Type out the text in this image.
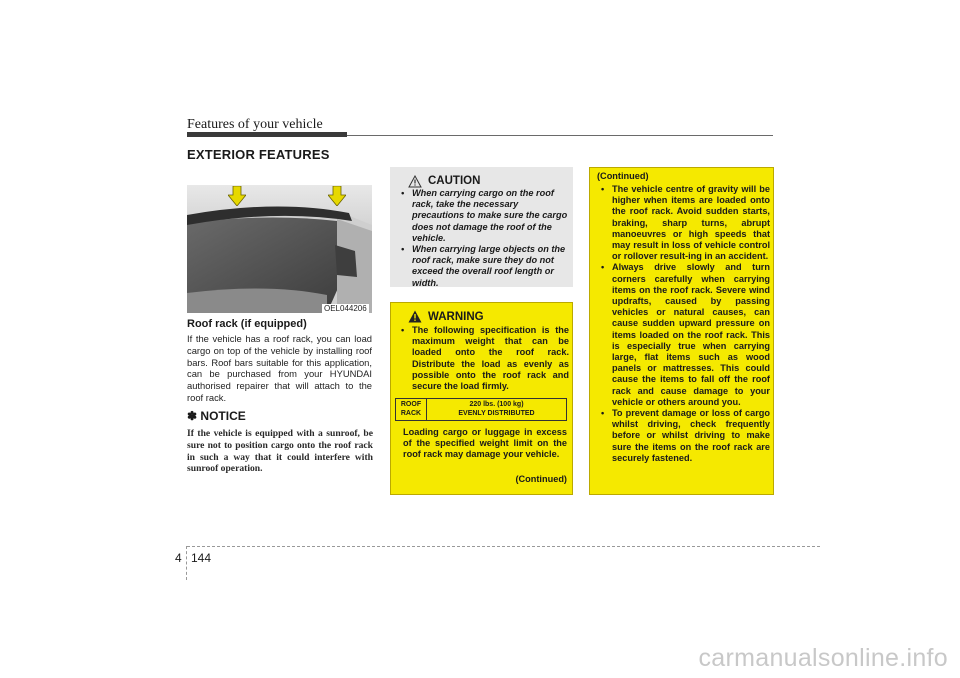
Features of your vehicle
EXTERIOR FEATURES
OEL044206
Roof rack (if equipped)
If the vehicle has a roof rack, you can load cargo on top of the vehicle by installing roof bars. Roof bars suitable for this application, can be purchased from your HYUNDAI authorised repairer that will attach to the roof rack.
✽ NOTICE
If the vehicle is equipped with a sunroof, be sure not to position cargo onto the roof rack in such a way that it could interfere with sunroof operation.
CAUTION
• When carrying cargo on the roof rack, take the necessary precautions to make sure the cargo does not damage the roof of the vehicle.
• When carrying large objects on the roof rack, make sure they do not exceed the overall roof length or width.
WARNING
• The following specification is the maximum weight that can be loaded onto the roof rack. Distribute the load as evenly as possible onto the roof rack and secure the load firmly.
ROOF RACK
220 lbs. (100 kg)
EVENLY DISTRIBUTED
Loading cargo or luggage in excess of the specified weight limit on the roof rack may damage your vehicle.
(Continued)
(Continued)
• The vehicle centre of gravity will be higher when items are loaded onto the roof rack. Avoid sudden starts, braking, sharp turns, abrupt manoeuvres or high speeds that may result in loss of vehicle control or rollover result-ing in an accident.
• Always drive slowly and turn corners carefully when carrying items on the roof rack. Severe wind updrafts, caused by passing vehicles or natural causes, can cause sudden upward pressure on items loaded on the roof rack. This is especially true when carrying large, flat items such as wood panels or mattresses. This could cause the items to fall off the roof rack and cause damage to your vehicle or others around you.
• To prevent damage or loss of cargo whilst driving, check frequently before or whilst driving to make sure the items on the roof rack are securely fastened.
4 144
carmanualsonline.info
